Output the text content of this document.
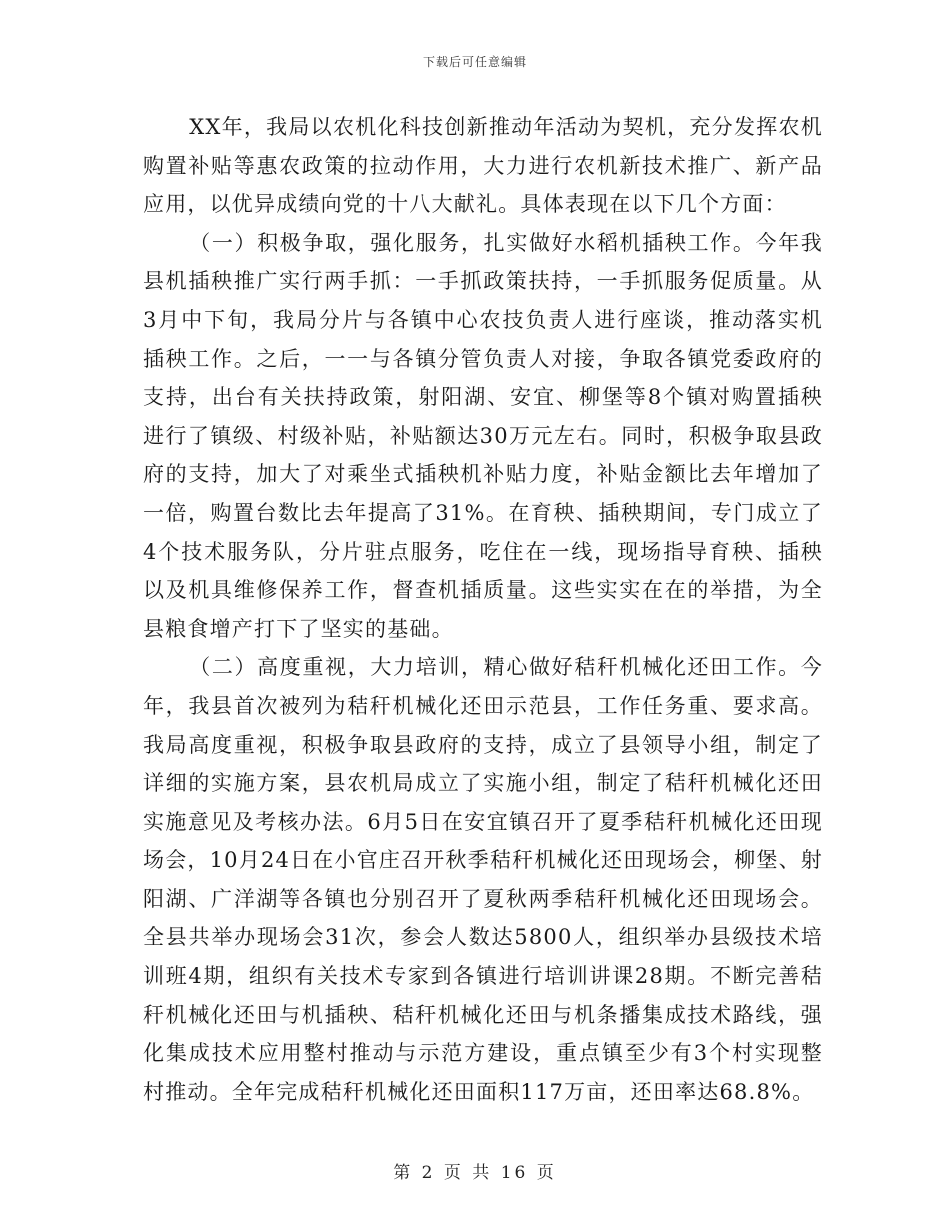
下载后可任意编辑

XX年，我局以农机化科技创新推动年活动为契机，充分发挥农机购置补贴等惠农政策的拉动作用，大力进行农机新技术推广、新产品应用，以优异成绩向党的十八大献礼。具体表现在以下几个方面：

（一）积极争取，强化服务，扎实做好水稻机插秧工作。今年我县机插秧推广实行两手抓：一手抓政策扶持，一手抓服务促质量。从3月中下旬，我局分片与各镇中心农技负责人进行座谈，推动落实机插秧工作。之后，一一与各镇分管负责人对接，争取各镇党委政府的支持，出台有关扶持政策，射阳湖、安宜、柳堡等8个镇对购置插秧进行了镇级、村级补贴，补贴额达30万元左右。同时，积极争取县政府的支持，加大了对乘坐式插秧机补贴力度，补贴金额比去年增加了一倍，购置台数比去年提高了31%。在育秧、插秧期间，专门成立了4个技术服务队，分片驻点服务，吃住在一线，现场指导育秧、插秧以及机具维修保养工作，督查机插质量。这些实实在在的举措，为全县粮食增产打下了坚实的基础。

（二）高度重视，大力培训，精心做好秸秆机械化还田工作。今年，我县首次被列为秸秆机械化还田示范县，工作任务重、要求高。我局高度重视，积极争取县政府的支持，成立了县领导小组，制定了详细的实施方案，县农机局成立了实施小组，制定了秸秆机械化还田实施意见及考核办法。6月5日在安宜镇召开了夏季秸秆机械化还田现场会，10月24日在小官庄召开秋季秸秆机械化还田现场会，柳堡、射阳湖、广洋湖等各镇也分别召开了夏秋两季秸秆机械化还田现场会。全县共举办现场会31次，参会人数达5800人，组织举办县级技术培训班4期，组织有关技术专家到各镇进行培训讲课28期。不断完善秸秆机械化还田与机插秧、秸秆机械化还田与机条播集成技术路线，强化集成技术应用整村推动与示范方建设，重点镇至少有3个村实现整村推动。全年完成秸秆机械化还田面积117万亩，还田率达68.8%。

第 2 页 共 16 页
